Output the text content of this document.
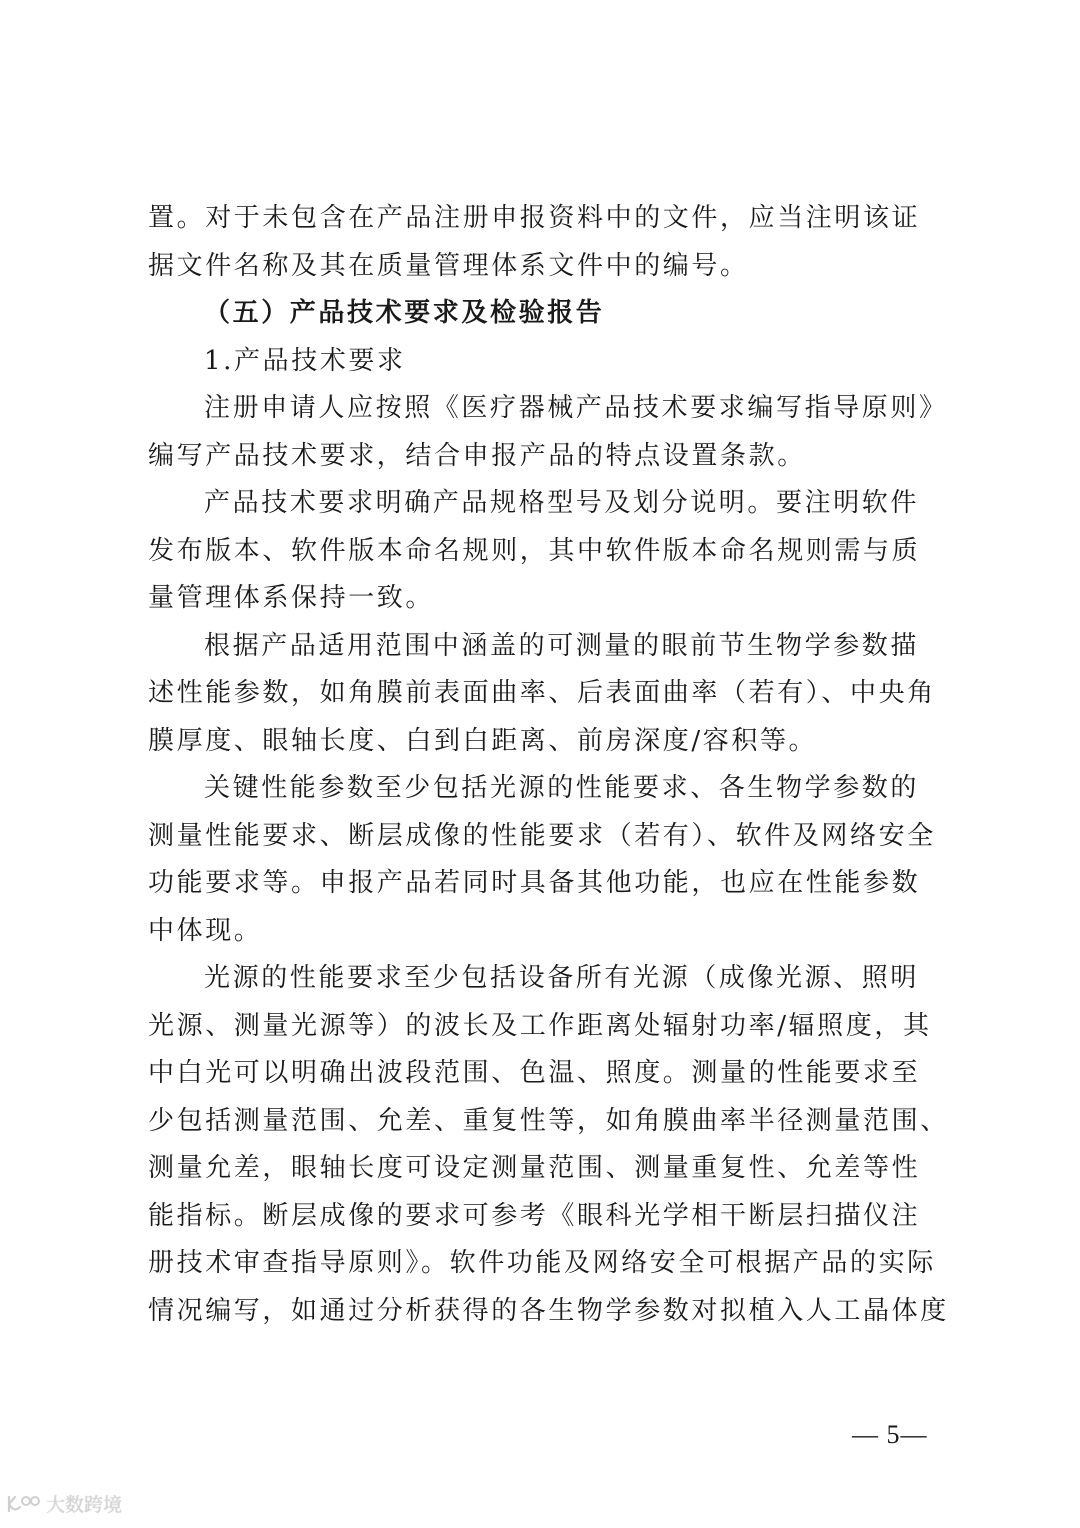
置。对于未包含在产品注册申报资料中的文件，应当注明该证
据文件名称及其在质量管理体系文件中的编号。
（五）产品技术要求及检验报告
1.产品技术要求
注册申请人应按照《医疗器械产品技术要求编写指导原则》
编写产品技术要求，结合申报产品的特点设置条款。
产品技术要求明确产品规格型号及划分说明。要注明软件
发布版本、软件版本命名规则，其中软件版本命名规则需与质
量管理体系保持一致。
根据产品适用范围中涵盖的可测量的眼前节生物学参数描
述性能参数，如角膜前表面曲率、后表面曲率（若有）、中央角
膜厚度、眼轴长度、白到白距离、前房深度/容积等。
关键性能参数至少包括光源的性能要求、各生物学参数的
测量性能要求、断层成像的性能要求（若有）、软件及网络安全
功能要求等。申报产品若同时具备其他功能，也应在性能参数
中体现。
光源的性能要求至少包括设备所有光源（成像光源、照明
光源、测量光源等）的波长及工作距离处辐射功率/辐照度，其
中白光可以明确出波段范围、色温、照度。测量的性能要求至
少包括测量范围、允差、重复性等，如角膜曲率半径测量范围、
测量允差，眼轴长度可设定测量范围、测量重复性、允差等性
能指标。断层成像的要求可参考《眼科光学相干断层扫描仪注
册技术审查指导原则》。软件功能及网络安全可根据产品的实际
情况编写，如通过分析获得的各生物学参数对拟植入人工晶体度
— 5—
大数跨境
